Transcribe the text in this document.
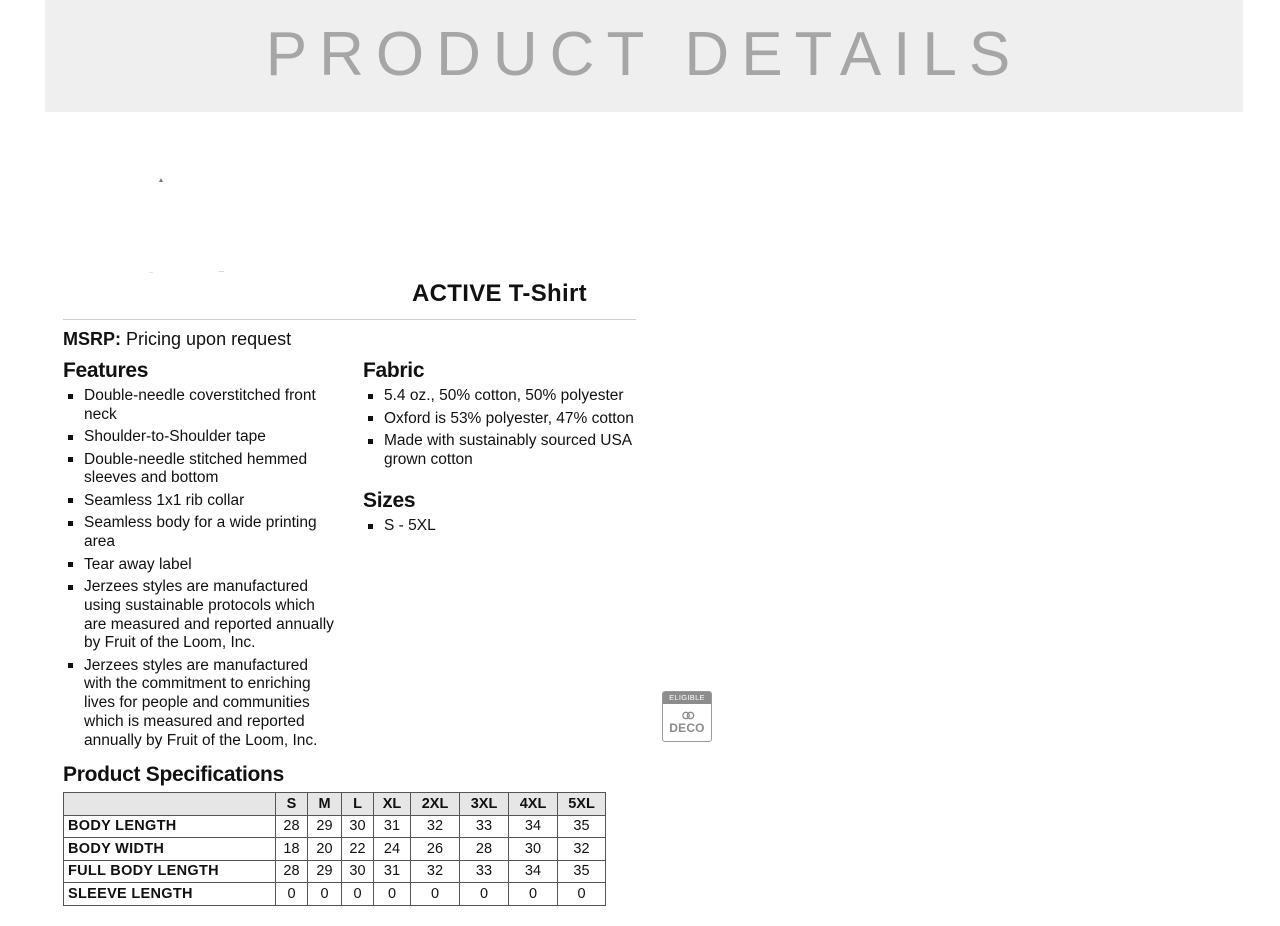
PRODUCT DETAILS
ACTIVE T-Shirt
MSRP: Pricing upon request
Features
Double-needle coverstitched front neck
Shoulder-to-Shoulder tape
Double-needle stitched hemmed sleeves and bottom
Seamless 1x1 rib collar
Seamless body for a wide printing area
Tear away label
Jerzees styles are manufactured using sustainable protocols which are measured and reported annually by Fruit of the Loom, Inc.
Jerzees styles are manufactured with the commitment to enriching lives for people and communities which is measured and reported annually by Fruit of the Loom, Inc.
Fabric
5.4 oz., 50% cotton, 50% polyester
Oxford is 53% polyester, 47% cotton
Made with sustainably sourced USA grown cotton
Sizes
S - 5XL
ELIGIBLE
DECO
Product Specifications
	S	M	L	XL	2XL	3XL	4XL	5XL
BODY LENGTH	28	29	30	31	32	33	34	35
BODY WIDTH	18	20	22	24	26	28	30	32
FULL BODY LENGTH	28	29	30	31	32	33	34	35
SLEEVE LENGTH	0	0	0	0	0	0	0	0
